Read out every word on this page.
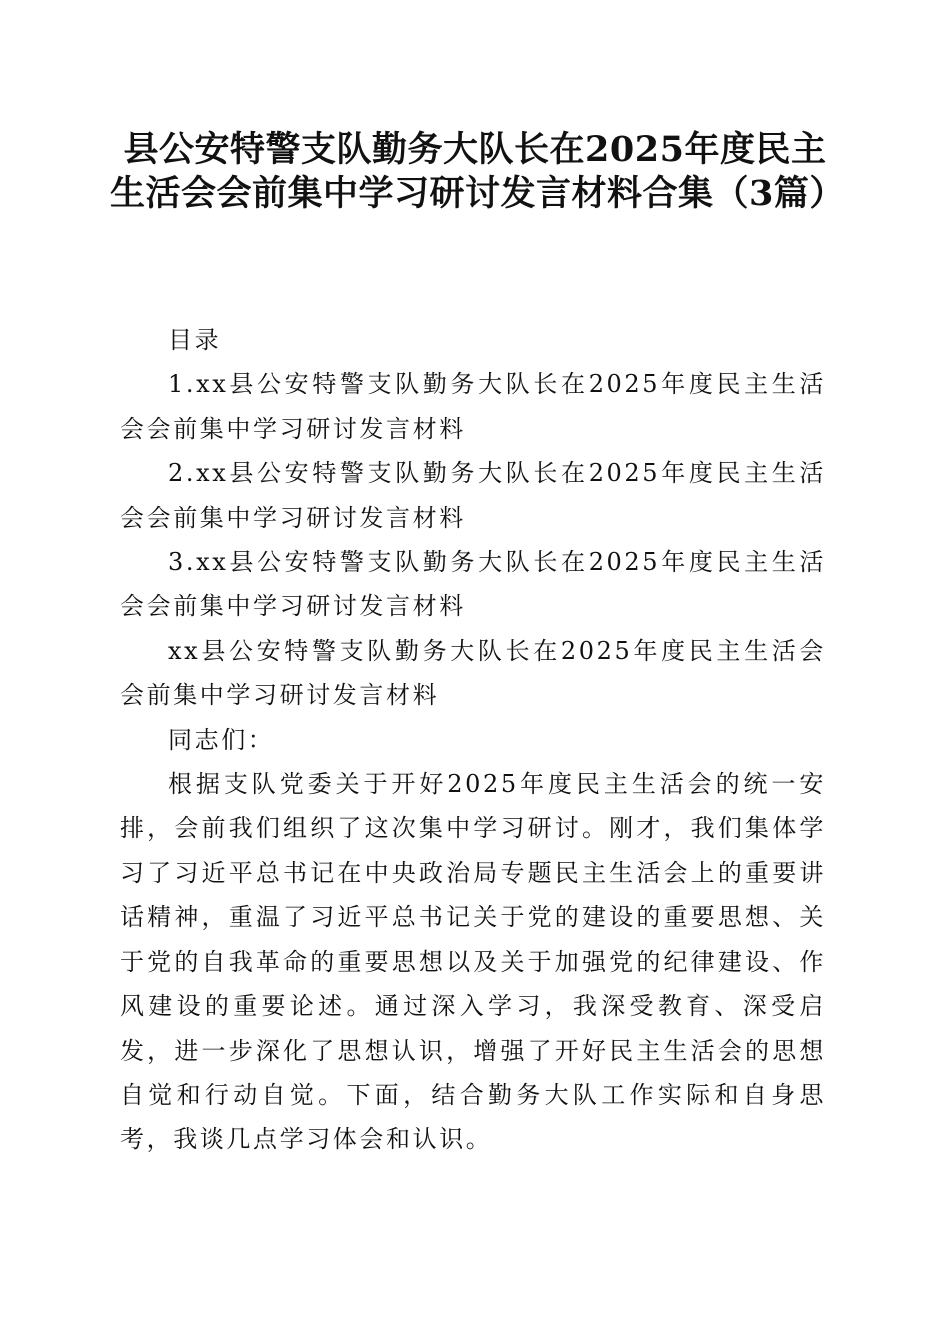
县公安特警支队勤务大队长在2025年度民主生活会会前集中学习研讨发言材料合集（3篇）

目录

1.xx县公安特警支队勤务大队长在2025年度民主生活会会前集中学习研讨发言材料

2.xx县公安特警支队勤务大队长在2025年度民主生活会会前集中学习研讨发言材料

3.xx县公安特警支队勤务大队长在2025年度民主生活会会前集中学习研讨发言材料

xx县公安特警支队勤务大队长在2025年度民主生活会会前集中学习研讨发言材料

同志们：

根据支队党委关于开好2025年度民主生活会的统一安排，会前我们组织了这次集中学习研讨。刚才，我们集体学习了习近平总书记在中央政治局专题民主生活会上的重要讲话精神，重温了习近平总书记关于党的建设的重要思想、关于党的自我革命的重要思想以及关于加强党的纪律建设、作风建设的重要论述。通过深入学习，我深受教育、深受启发，进一步深化了思想认识，增强了开好民主生活会的思想自觉和行动自觉。下面，结合勤务大队工作实际和自身思考，我谈几点学习体会和认识。
